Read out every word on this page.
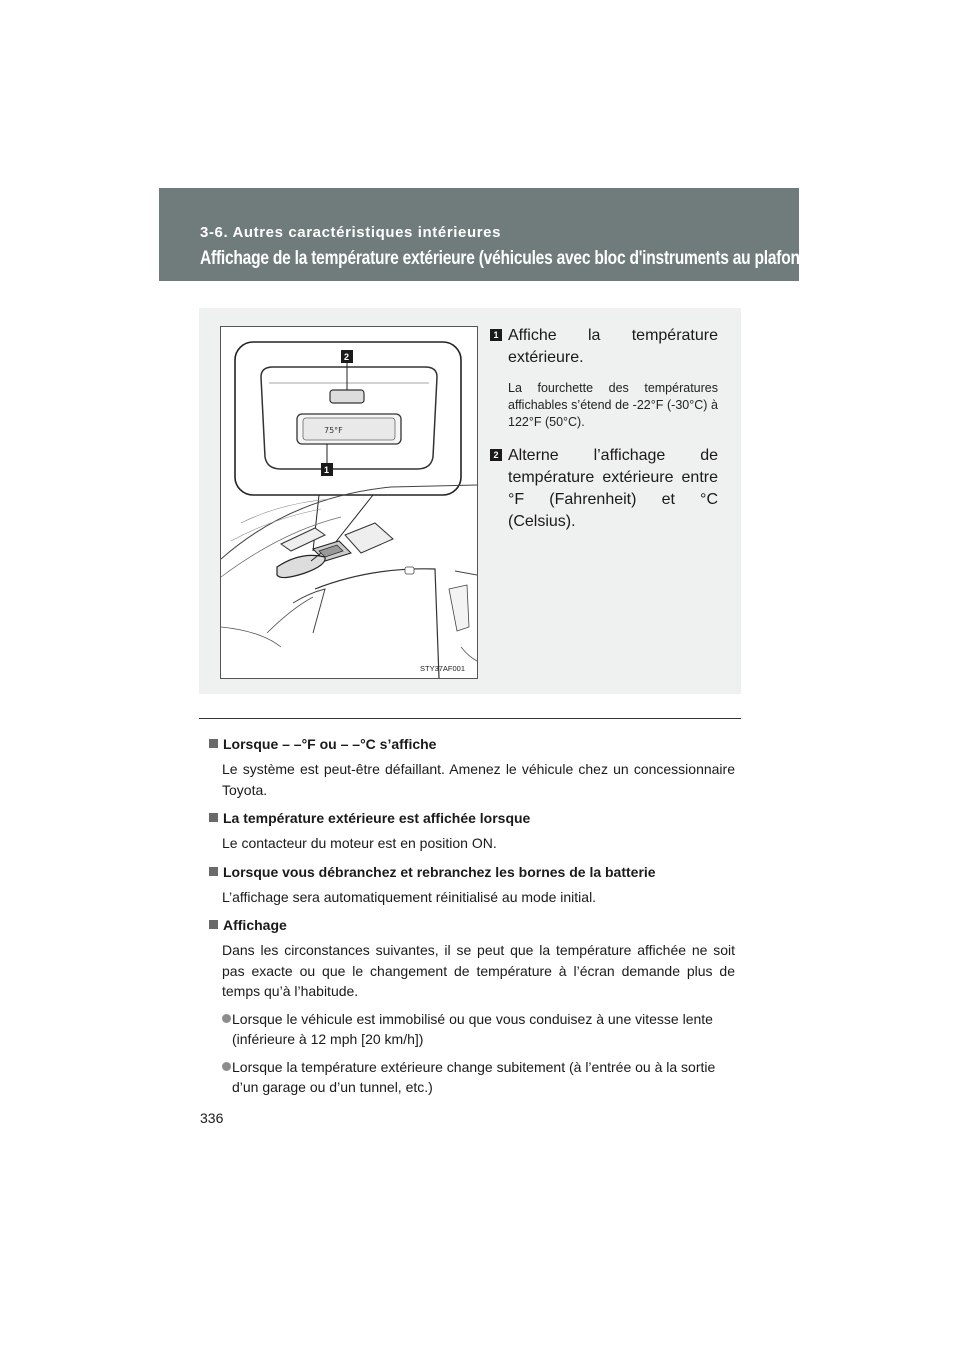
3-6. Autres caractéristiques intérieures
Affichage de la température extérieure (véhicules avec bloc d'instruments au plafond)
75°F
2
1
STY37AF001
1 Affiche la température extérieure.
La fourchette des températures affichables s’étend de -22°F (-30°C) à 122°F (50°C).
2 Alterne l’affichage de température extérieure entre °F (Fahrenheit) et °C (Celsius).
Lorsque – –°F ou – –°C s’affiche
Le système est peut-être défaillant. Amenez le véhicule chez un concessionnaire Toyota.
La température extérieure est affichée lorsque
Le contacteur du moteur est en position ON.
Lorsque vous débranchez et rebranchez les bornes de la batterie
L’affichage sera automatiquement réinitialisé au mode initial.
Affichage
Dans les circonstances suivantes, il se peut que la température affichée ne soit pas exacte ou que le changement de température à l’écran demande plus de temps qu’à l’habitude.
Lorsque le véhicule est immobilisé ou que vous conduisez à une vitesse lente (inférieure à 12 mph [20 km/h])
Lorsque la température extérieure change subitement (à l’entrée ou à la sortie d’un garage ou d’un tunnel, etc.)
336
